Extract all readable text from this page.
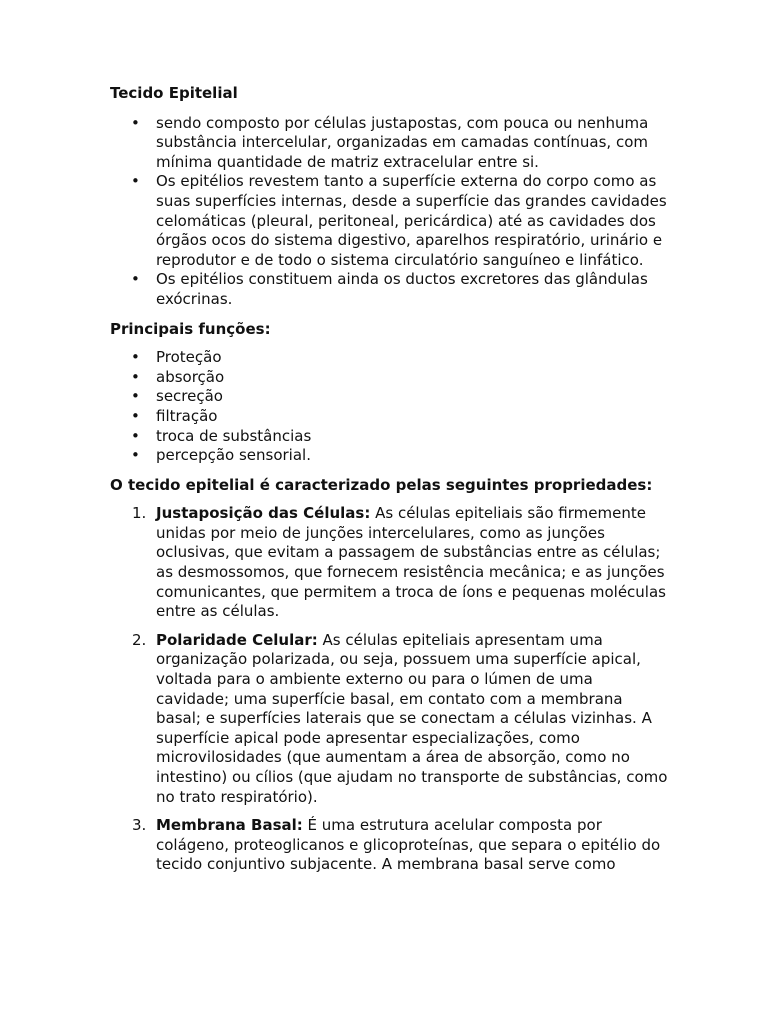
Tecido Epitelial

• sendo composto por células justapostas, com pouca ou nenhuma substância intercelular, organizadas em camadas contínuas, com mínima quantidade de matriz extracelular entre si.
• Os epitélios revestem tanto a superfície externa do corpo como as suas superfícies internas, desde a superfície das grandes cavidades celomáticas (pleural, peritoneal, pericárdica) até as cavidades dos órgãos ocos do sistema digestivo, aparelhos respiratório, urinário e reprodutor e de todo o sistema circulatório sanguíneo e linfático.
• Os epitélios constituem ainda os ductos excretores das glândulas exócrinas.

Principais funções:

• Proteção
• absorção
• secreção
• filtração
• troca de substâncias
• percepção sensorial.

O tecido epitelial é caracterizado pelas seguintes propriedades:

1. Justaposição das Células: As células epiteliais são firmemente unidas por meio de junções intercelulares, como as junções oclusivas, que evitam a passagem de substâncias entre as células; as desmossomos, que fornecem resistência mecânica; e as junções comunicantes, que permitem a troca de íons e pequenas moléculas entre as células.
2. Polaridade Celular: As células epiteliais apresentam uma organização polarizada, ou seja, possuem uma superfície apical, voltada para o ambiente externo ou para o lúmen de uma cavidade; uma superfície basal, em contato com a membrana basal; e superfícies laterais que se conectam a células vizinhas. A superfície apical pode apresentar especializações, como microvilosidades (que aumentam a área de absorção, como no intestino) ou cílios (que ajudam no transporte de substâncias, como no trato respiratório).
3. Membrana Basal: É uma estrutura acelular composta por colágeno, proteoglicanos e glicoproteínas, que separa o epitélio do tecido conjuntivo subjacente. A membrana basal serve como
